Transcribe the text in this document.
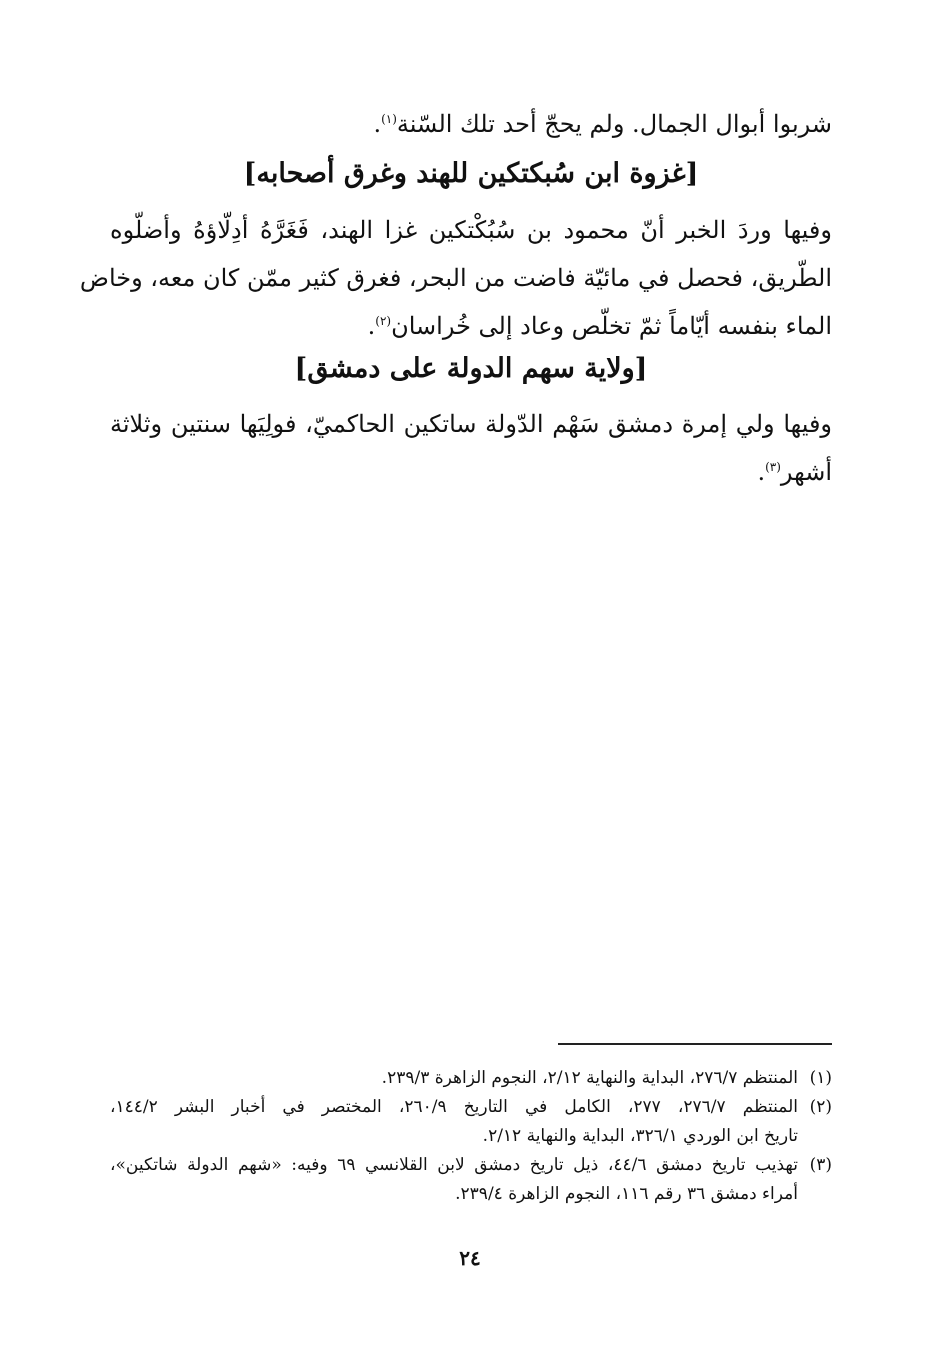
شربوا أبوال الجمال. ولم يحجّ أحد تلك السّنة$^{(١)}$.

[غزوة ابن سُبكتكين للهند وغرق أصحابه]
وفيها وردَ الخبر أنّ محمود بن سُبُكْتكين غزا الهند، فَغَرَّهُ أدِلّاؤهُ وأضلّوه
الطّريق، فحصل في مائيّة فاضت من البحر، فغرق كثير ممّن كان معه، وخاض
الماء بنفسه أيّاماً ثمّ تخلّص وعاد إلى خُراسان$^{(٢)}$.
[ولاية سهم الدولة على دمشق]
وفيها ولي إمرة دمشق سَهْم الدّولة ساتكين الحاكميّ، فولِيَها سنتين وثلاثة
أشهر$^{(٣)}$.
(١)
المنتظم ٢٧٦/٧، البداية والنهاية ٢/١٢، النجوم الزاهرة ٢٣٩/٣.
(٢)
المنتظم ٢٧٦/٧، ٢٧٧، الكامل في التاريخ ٢٦٠/٩، المختصر في أخبار البشر ١٤٤/٢،
تاريخ ابن الوردي ٣٢٦/١، البداية والنهاية ٢/١٢.
(٣)
تهذيب تاريخ دمشق ٤٤/٦، ذيل تاريخ دمشق لابن القلانسي ٦٩ وفيه: «شهم الدولة شاتكين»،
أمراء دمشق ٣٦ رقم ١١٦، النجوم الزاهرة ٢٣٩/٤.
٢٤
